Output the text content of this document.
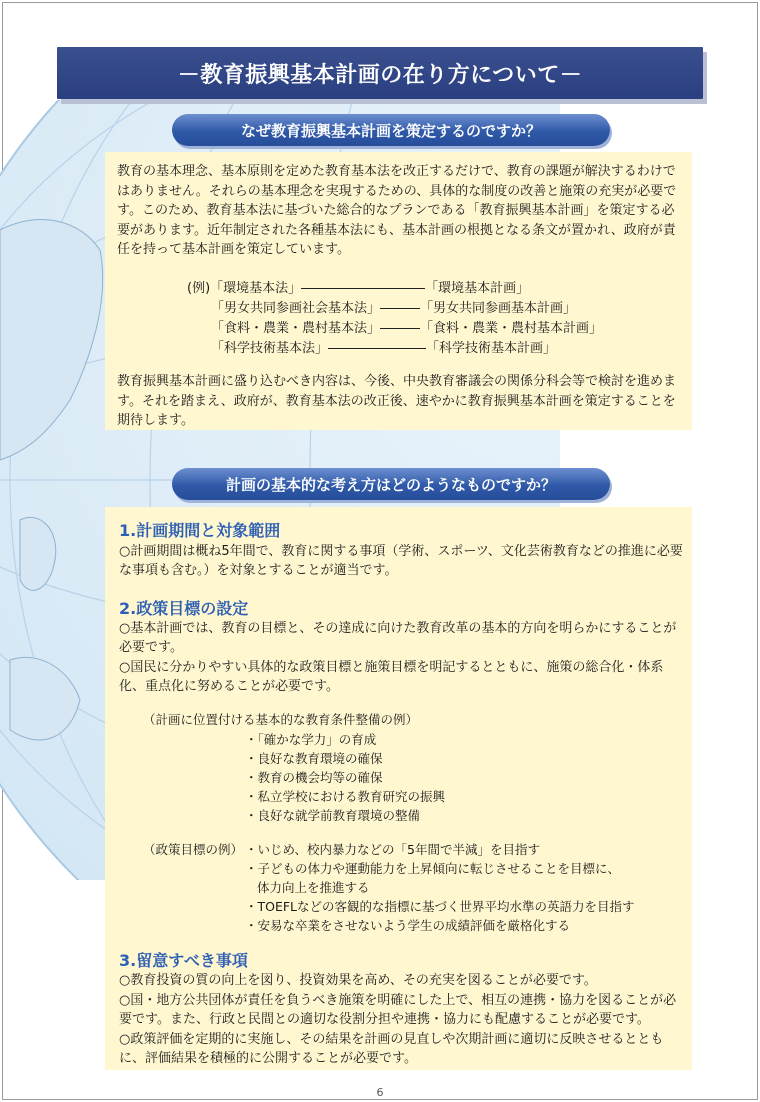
－教育振興基本計画の在り方について－
なぜ教育振興基本計画を策定するのですか？

教育の基本理念、基本原則を定めた教育基本法を改正するだけで、教育の課題が解決するわけではありません。それらの基本理念を実現するための、具体的な制度の改善と施策の充実が必要です。このため、教育基本法に基づいた総合的なプランである「教育振興基本計画」を策定する必要があります。近年制定された各種基本法にも、基本計画の根拠となる条文が置かれ、政府が責任を持って基本計画を策定しています。

(例)「環境基本法」	「環境基本計画」
「男女共同参画社会基本法」	「男女共同参画基本計画」
「食料・農業・農村基本法」	「食料・農業・農村基本計画」
「科学技術基本法」	「科学技術基本計画」

教育振興基本計画に盛り込むべき内容は、今後、中央教育審議会の関係分科会等で検討を進めます。それを踏まえ、政府が、教育基本法の改正後、速やかに教育振興基本計画を策定することを期待します。

計画の基本的な考え方はどのようなものですか？
1.計画期間と対象範囲
○計画期間は概ね5年間で、教育に関する事項（学術、スポーツ、文化芸術教育などの推進に必要な事項も含む。）を対象とすることが適当です。
2.政策目標の設定
○基本計画では、教育の目標と、その達成に向けた教育改革の基本的方向を明らかにすることが必要です。
○国民に分かりやすい具体的な政策目標と施策目標を明記するとともに、施策の総合化・体系化、重点化に努めることが必要です。
（計画に位置付ける基本的な教育条件整備の例）
・「確かな学力」の育成
・良好な教育環境の確保
・教育の機会均等の確保
・私立学校における教育研究の振興
・良好な就学前教育環境の整備
（政策目標の例） ・いじめ、校内暴力などの「5年間で半減」を目指す
・子どもの体力や運動能力を上昇傾向に転じさせることを目標に、
体力向上を推進する
・TOEFLなどの客観的な指標に基づく世界平均水準の英語力を目指す
・安易な卒業をさせないよう学生の成績評価を厳格化する
3.留意すべき事項
○教育投資の質の向上を図り、投資効果を高め、その充実を図ることが必要です。
○国・地方公共団体が責任を負うべき施策を明確にした上で、相互の連携・協力を図ることが必要です。また、行政と民間との適切な役割分担や連携・協力にも配慮することが必要です。
○政策評価を定期的に実施し、その結果を計画の見直しや次期計画に適切に反映させるとともに、評価結果を積極的に公開することが必要です。
6
